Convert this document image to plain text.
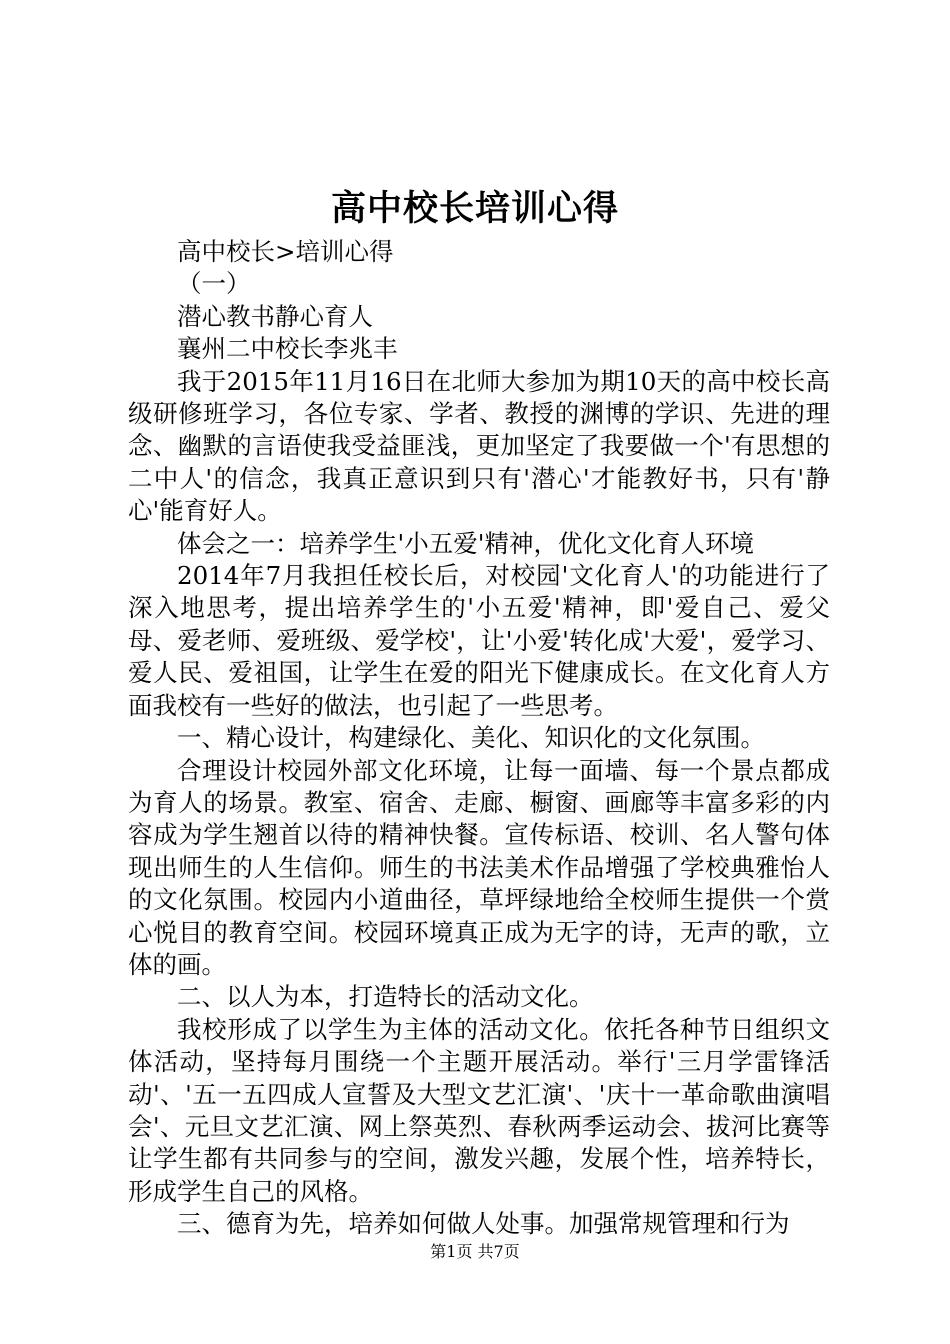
高中校长培训心得

高中校长>培训心得

（一）

潜心教书静心育人

襄州二中校长李兆丰

我于2015年11月16日在北师大参加为期10天的高中校长高级研修班学习，各位专家、学者、教授的渊博的学识、先进的理念、幽默的言语使我受益匪浅，更加坚定了我要做一个'有思想的二中人'的信念，我真正意识到只有'潜心'才能教好书，只有'静心'能育好人。

体会之一：培养学生'小五爱'精神，优化文化育人环境

2014年7月我担任校长后，对校园'文化育人'的功能进行了深入地思考，提出培养学生的'小五爱'精神，即'爱自己、爱父母、爱老师、爱班级、爱学校'，让'小爱'转化成'大爱'，爱学习、爱人民、爱祖国，让学生在爱的阳光下健康成长。在文化育人方面我校有一些好的做法，也引起了一些思考。

一、精心设计，构建绿化、美化、知识化的文化氛围。

合理设计校园外部文化环境，让每一面墙、每一个景点都成为育人的场景。教室、宿舍、走廊、橱窗、画廊等丰富多彩的内容成为学生翘首以待的精神快餐。宣传标语、校训、名人警句体现出师生的人生信仰。师生的书法美术作品增强了学校典雅怡人的文化氛围。校园内小道曲径，草坪绿地给全校师生提供一个赏心悦目的教育空间。校园环境真正成为无字的诗，无声的歌，立体的画。

二、以人为本，打造特长的活动文化。

我校形成了以学生为主体的活动文化。依托各种节日组织文体活动，坚持每月围绕一个主题开展活动。举行'三月学雷锋活动'、'五一五四成人宣誓及大型文艺汇演'、'庆十一革命歌曲演唱会'、元旦文艺汇演、网上祭英烈、春秋两季运动会、拔河比赛等让学生都有共同参与的空间，激发兴趣，发展个性，培养特长，形成学生自己的风格。

三、德育为先，培养如何做人处事。加强常规管理和行为

第1页 共7页
